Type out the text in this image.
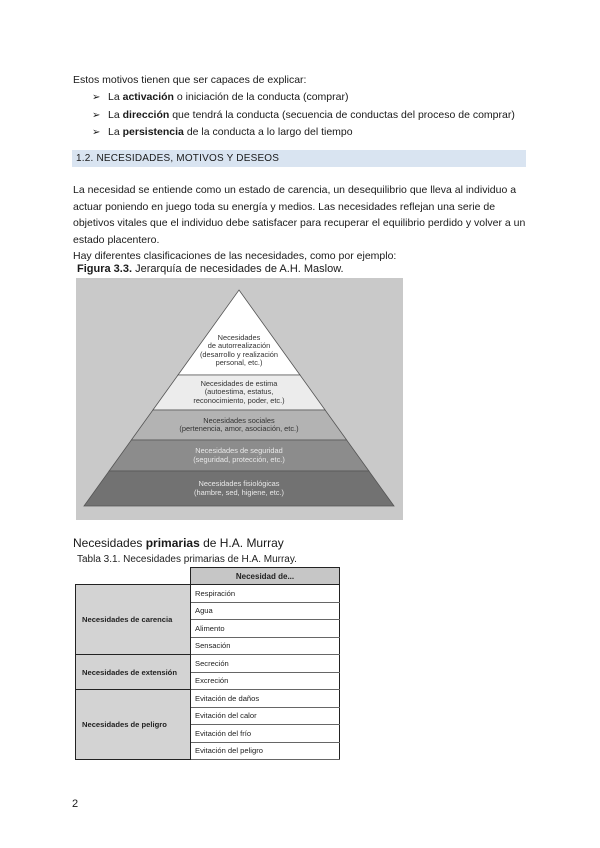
Estos motivos tienen que ser capaces de explicar:
➢ La activación o iniciación de la conducta (comprar)
➢ La dirección que tendrá la conducta (secuencia de conductas del proceso de comprar)
➢ La persistencia de la conducta a lo largo del tiempo
1.2. NECESIDADES, MOTIVOS Y DESEOS

La necesidad se entiende como un estado de carencia, un desequilibrio que lleva al individuo a actuar poniendo en juego toda su energía y medios. Las necesidades reflejan una serie de objetivos vitales que el individuo debe satisfacer para recuperar el equilibrio perdido y volver a un estado placentero.

Hay diferentes clasificaciones de las necesidades, como por ejemplo:

Figura 3.3. Jerarquía de necesidades de A.H. Maslow.
Necesidades
de autorrealización
(desarrollo y realización
personal, etc.)
Necesidades de estima
(autoestima, estatus,
reconocimiento, poder, etc.)
Necesidades sociales
(pertenencia, amor, asociación, etc.)
Necesidades de seguridad
(seguridad, protección, etc.)
Necesidades fisiológicas
(hambre, sed, higiene, etc.)
Necesidades primarias de H.A. Murray
Tabla 3.1. Necesidades primarias de H.A. Murray.
	Necesidad de...
Necesidades de carencia	Respiración
	Agua
	Alimento
	Sensación
Necesidades de extensión	Secreción
	Excreción
Necesidades de peligro	Evitación de daños
	Evitación del calor
	Evitación del frío
	Evitación del peligro
2
